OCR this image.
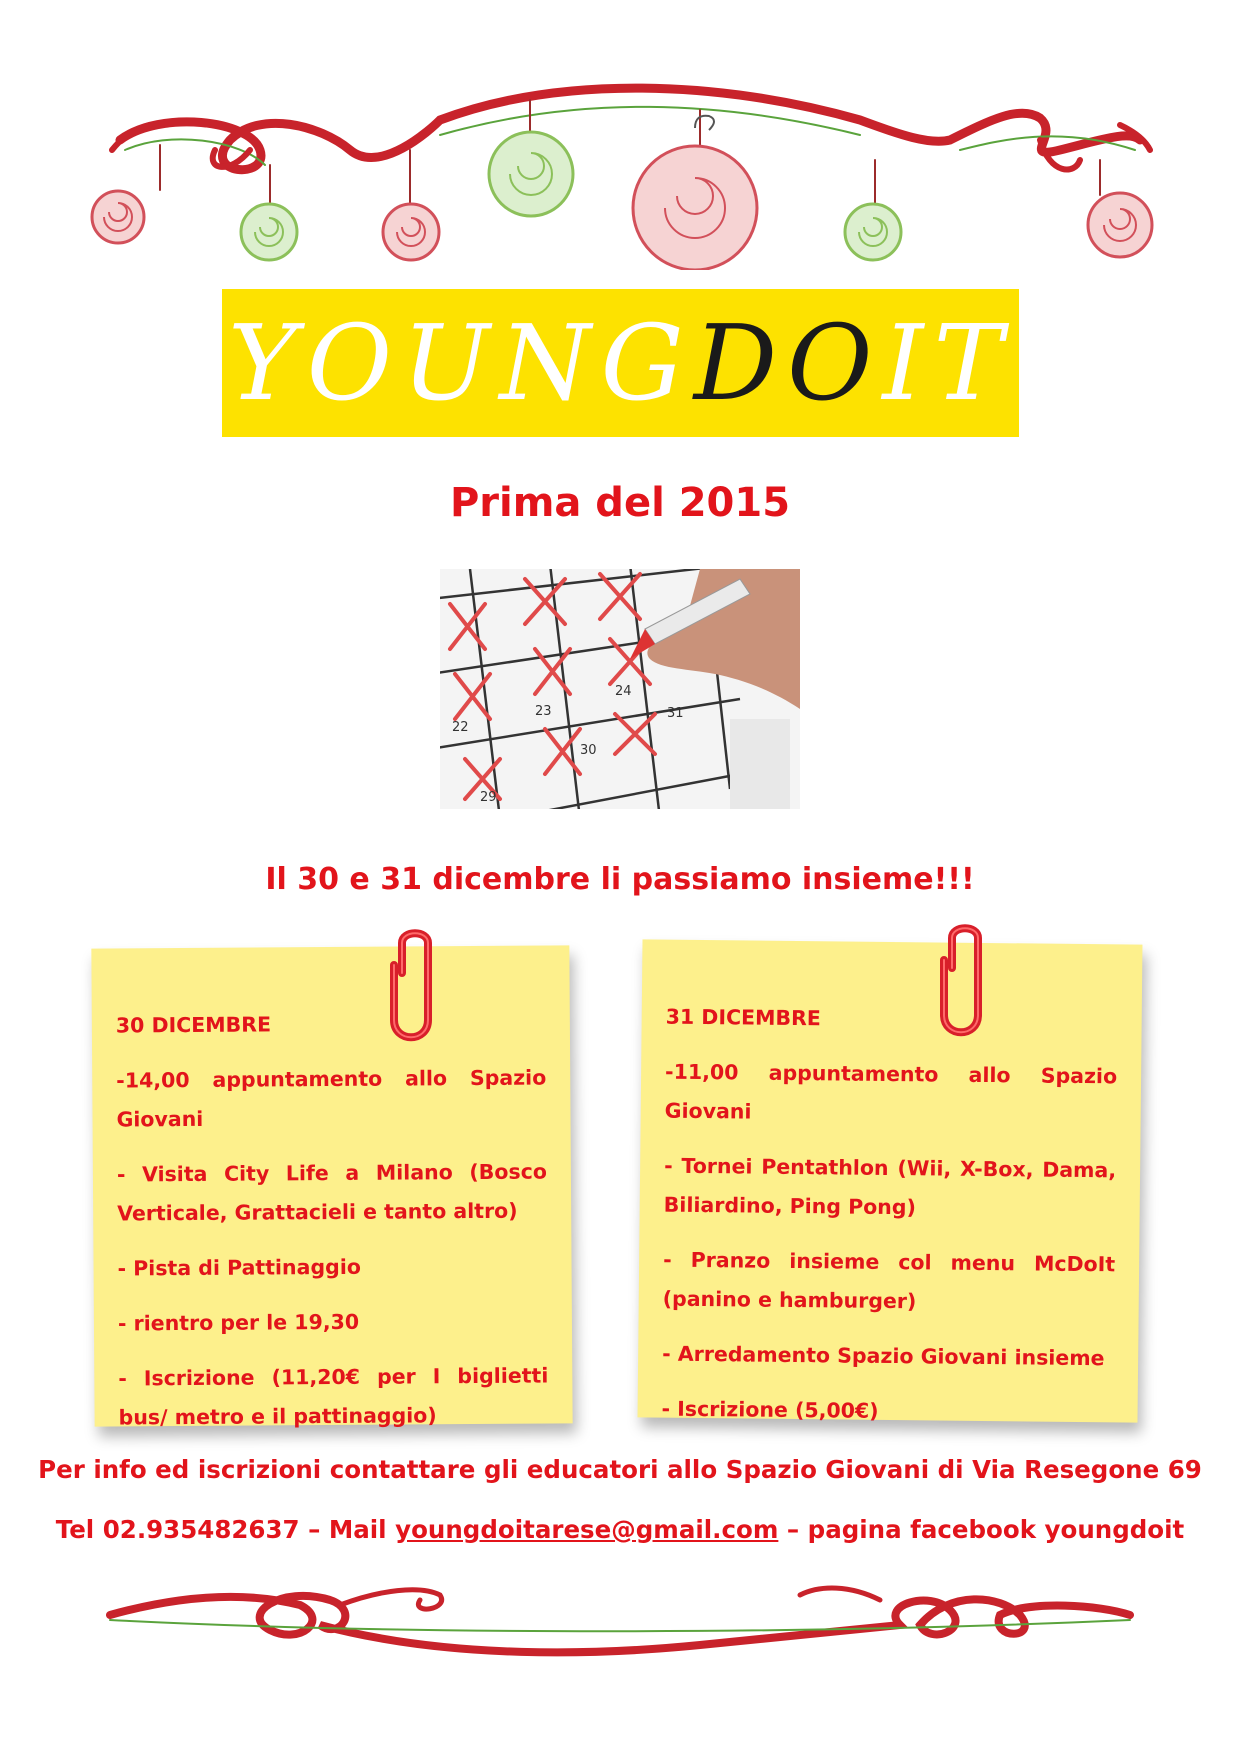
YOUNG DO IT
Prima del 2015
22
23
24
31
30
29
Il 30 e 31 dicembre li passiamo insieme!!!
30 DICEMBRE
-14,00 appuntamento allo Spazio Giovani
- Visita City Life a Milano (Bosco Verticale, Grattacieli e tanto altro)
- Pista di Pattinaggio
- rientro per le 19,30
- Iscrizione (11,20€ per I biglietti bus/ metro e il pattinaggio)
31 DICEMBRE
-11,00 appuntamento allo Spazio Giovani
- Tornei Pentathlon (Wii, X-Box, Dama, Biliardino, Ping Pong)
- Pranzo insieme col menu McDoIt (panino e hamburger)
- Arredamento Spazio Giovani insieme
- Iscrizione (5,00€)
Per info ed iscrizioni contattare gli educatori allo Spazio Giovani di Via Resegone 69
Tel 02.935482637 – Mail youngdoitarese@gmail.com – pagina facebook youngdoit
